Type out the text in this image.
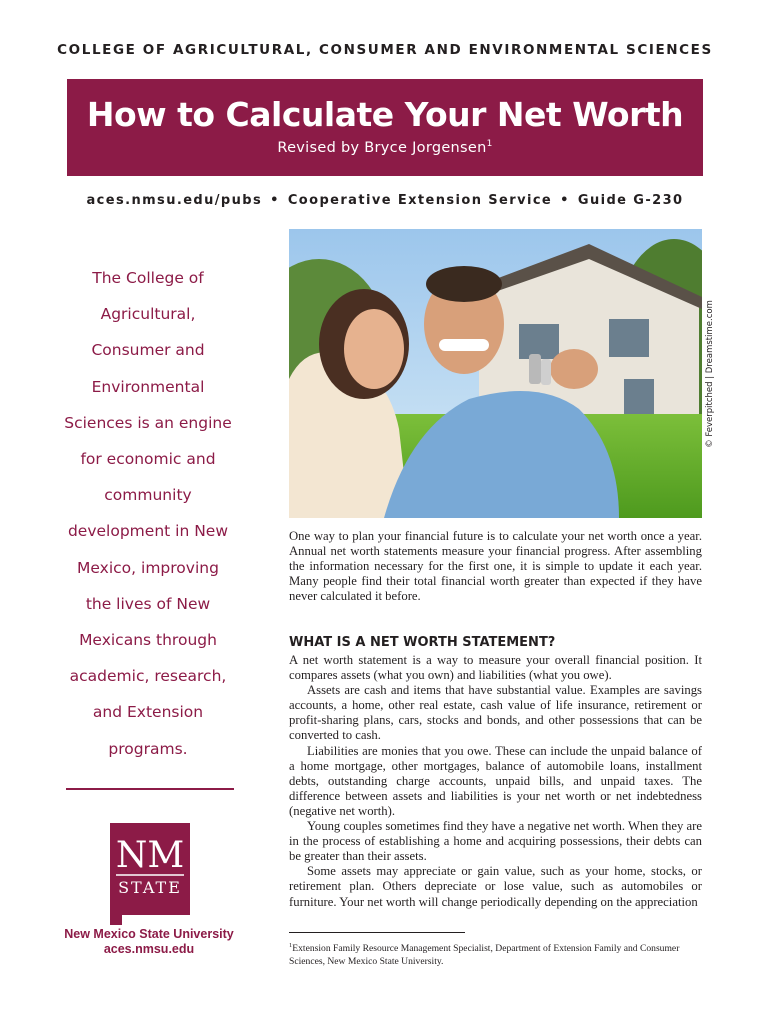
COLLEGE OF AGRICULTURAL, CONSUMER AND ENVIRONMENTAL SCIENCES
How to Calculate Your Net Worth
Revised by Bryce Jorgensen$^1$
aces.nmsu.edu/pubs • Cooperative Extension Service • Guide G-230
© Feverpitched | Dreamstime.com
The College of Agricultural, Consumer and Environmental Sciences is an engine for economic and community development in New Mexico, improving the lives of New Mexicans through academic, research, and Extension programs.
NM
STATE
New Mexico State University
aces.nmsu.edu
One way to plan your financial future is to calculate your net worth once a year. Annual net worth statements measure your financial progress. After assembling the information necessary for the first one, it is simple to update it each year. Many people find their total financial worth greater than expected if they have never calculated it before.
WHAT IS A NET WORTH STATEMENT?

A net worth statement is a way to measure your overall financial position. It compares assets (what you own) and liabilities (what you owe).

Assets are cash and items that have substantial value. Examples are savings accounts, a home, other real estate, cash value of life insurance, retirement or profit-sharing plans, cars, stocks and bonds, and other possessions that can be converted to cash.

Liabilities are monies that you owe. These can include the unpaid balance of a home mortgage, other mortgages, balance of automobile loans, installment debts, outstanding charge accounts, unpaid bills, and unpaid taxes. The difference between assets and liabilities is your net worth or net indebtedness (negative net worth).

Young couples sometimes find they have a negative net worth. When they are in the process of establishing a home and acquiring possessions, their debts can be greater than their assets.

Some assets may appreciate or gain value, such as your home, stocks, or retirement plan. Others depreciate or lose value, such as automobiles or furniture. Your net worth will change periodically depending on the appreciation

$^1$Extension Family Resource Management Specialist, Department of Extension Family and Consumer Sciences, New Mexico State University.
